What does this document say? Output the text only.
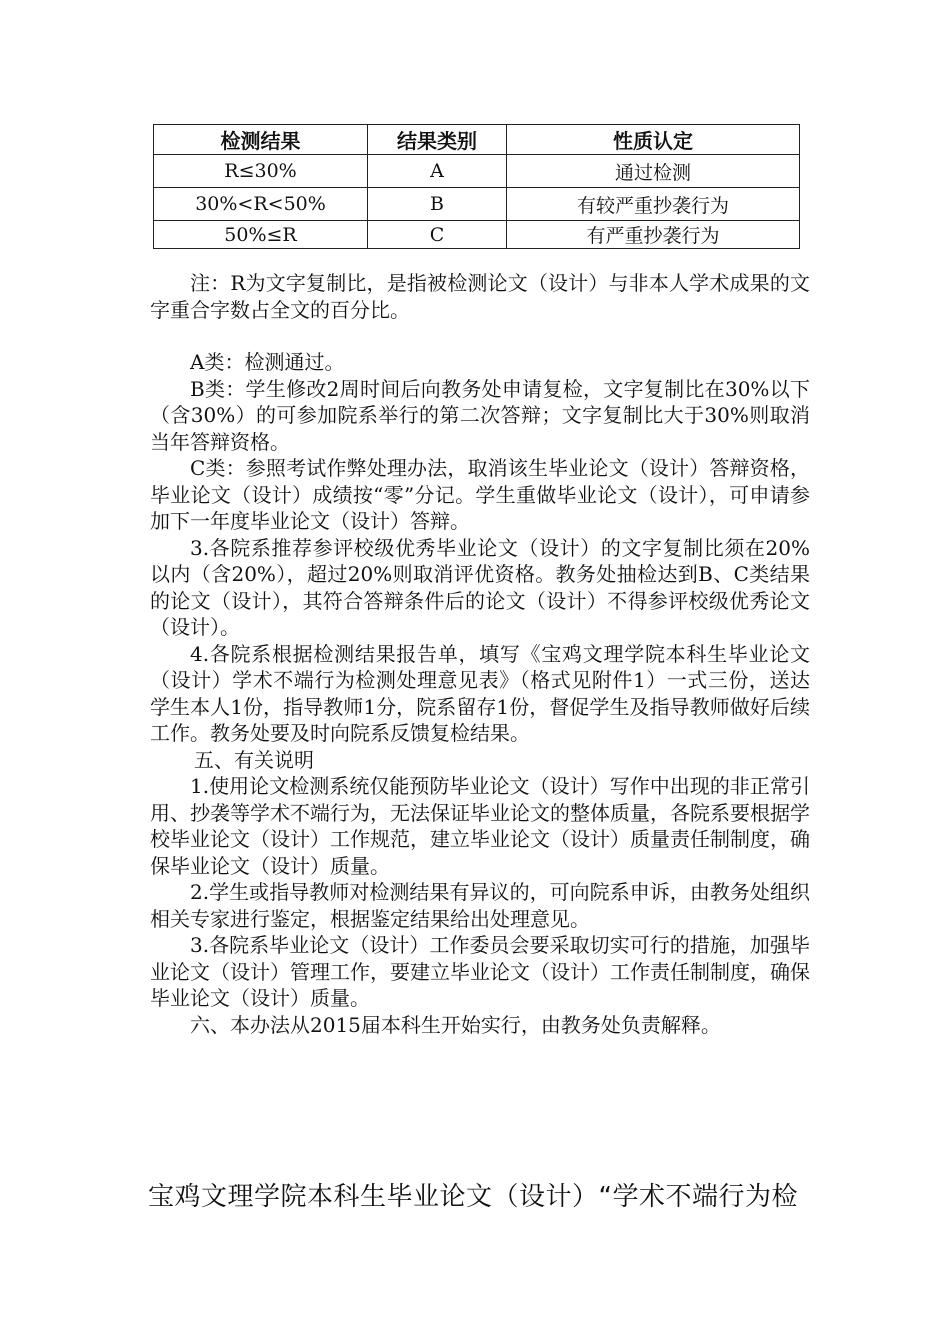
检测结果	结果类别	性质认定
R≤30%	A	通过检测
30%<R<50%	B	有较严重抄袭行为
50%≤R	C	有严重抄袭行为

注：R为文字复制比，是指被检测论文（设计）与非本人学术成果的文字重合字数占全文的百分比。

A类：检测通过。

B类：学生修改2周时间后向教务处申请复检，文字复制比在30%以下（含30%）的可参加院系举行的第二次答辩；文字复制比大于30%则取消当年答辩资格。

C类：参照考试作弊处理办法，取消该生毕业论文（设计）答辩资格，毕业论文（设计）成绩按“零”分记。学生重做毕业论文（设计），可申请参加下一年度毕业论文（设计）答辩。

3.各院系推荐参评校级优秀毕业论文（设计）的文字复制比须在20%以内（含20%），超过20%则取消评优资格。教务处抽检达到B、C类结果的论文（设计），其符合答辩条件后的论文（设计）不得参评校级优秀论文（设计）。

4.各院系根据检测结果报告单，填写《宝鸡文理学院本科生毕业论文（设计）学术不端行为检测处理意见表》（格式见附件1）一式三份，送达学生本人1份，指导教师1分，院系留存1份，督促学生及指导教师做好后续工作。教务处要及时向院系反馈复检结果。

五、有关说明

1.使用论文检测系统仅能预防毕业论文（设计）写作中出现的非正常引用、抄袭等学术不端行为，无法保证毕业论文的整体质量，各院系要根据学校毕业论文（设计）工作规范，建立毕业论文（设计）质量责任制制度，确保毕业论文（设计）质量。

2.学生或指导教师对检测结果有异议的，可向院系申诉，由教务处组织相关专家进行鉴定，根据鉴定结果给出处理意见。

3.各院系毕业论文（设计）工作委员会要采取切实可行的措施，加强毕业论文（设计）管理工作，要建立毕业论文（设计）工作责任制制度，确保毕业论文（设计）质量。

六、本办法从2015届本科生开始实行，由教务处负责解释。

宝鸡文理学院本科生毕业论文（设计）“学术不端行为检
